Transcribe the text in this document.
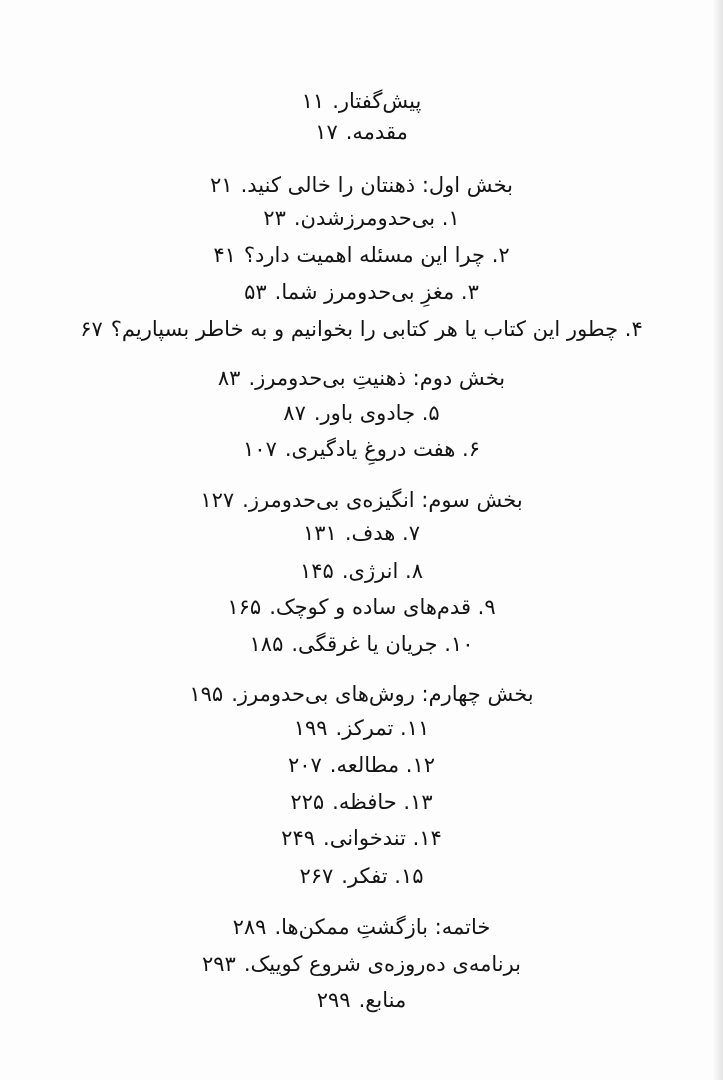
پیش‌گفتار.۱۱
مقدمه.۱۷
بخش اول: ذهنتان را خالی کنید.۲۱
۱. بی‌حدومرزشدن.۲۳
۲. چرا این مسئله اهمیت دارد؟۴۱
۳. مغزِ بی‌حدومرز شما.۵۳
۴. چطور این کتاب یا هر کتابی را بخوانیم و به خاطر بسپاریم؟۶۷
بخش دوم: ذهنیتِ بی‌حدومرز.۸۳
۵. جادوی باور.۸۷
۶. هفت دروغِ یادگیری.۱۰۷
بخش سوم: انگیزه‌ی بی‌حدومرز.۱۲۷
۷. هدف.۱۳۱
۸. انرژی.۱۴۵
۹. قدم‌های ساده و کوچک.۱۶۵
۱۰. جریان یا غرقگی.۱۸۵
بخش چهارم: روش‌های بی‌حدومرز.۱۹۵
۱۱. تمرکز.۱۹۹
۱۲. مطالعه.۲۰۷
۱۳. حافظه.۲۲۵
۱۴. تندخوانی.۲۴۹
۱۵. تفکر.۲۶۷
خاتمه: بازگشتِ ممکن‌ها.۲۸۹
برنامه‌ی ده‌روزه‌ی شروع کوییک.۲۹۳
منابع.۲۹۹
